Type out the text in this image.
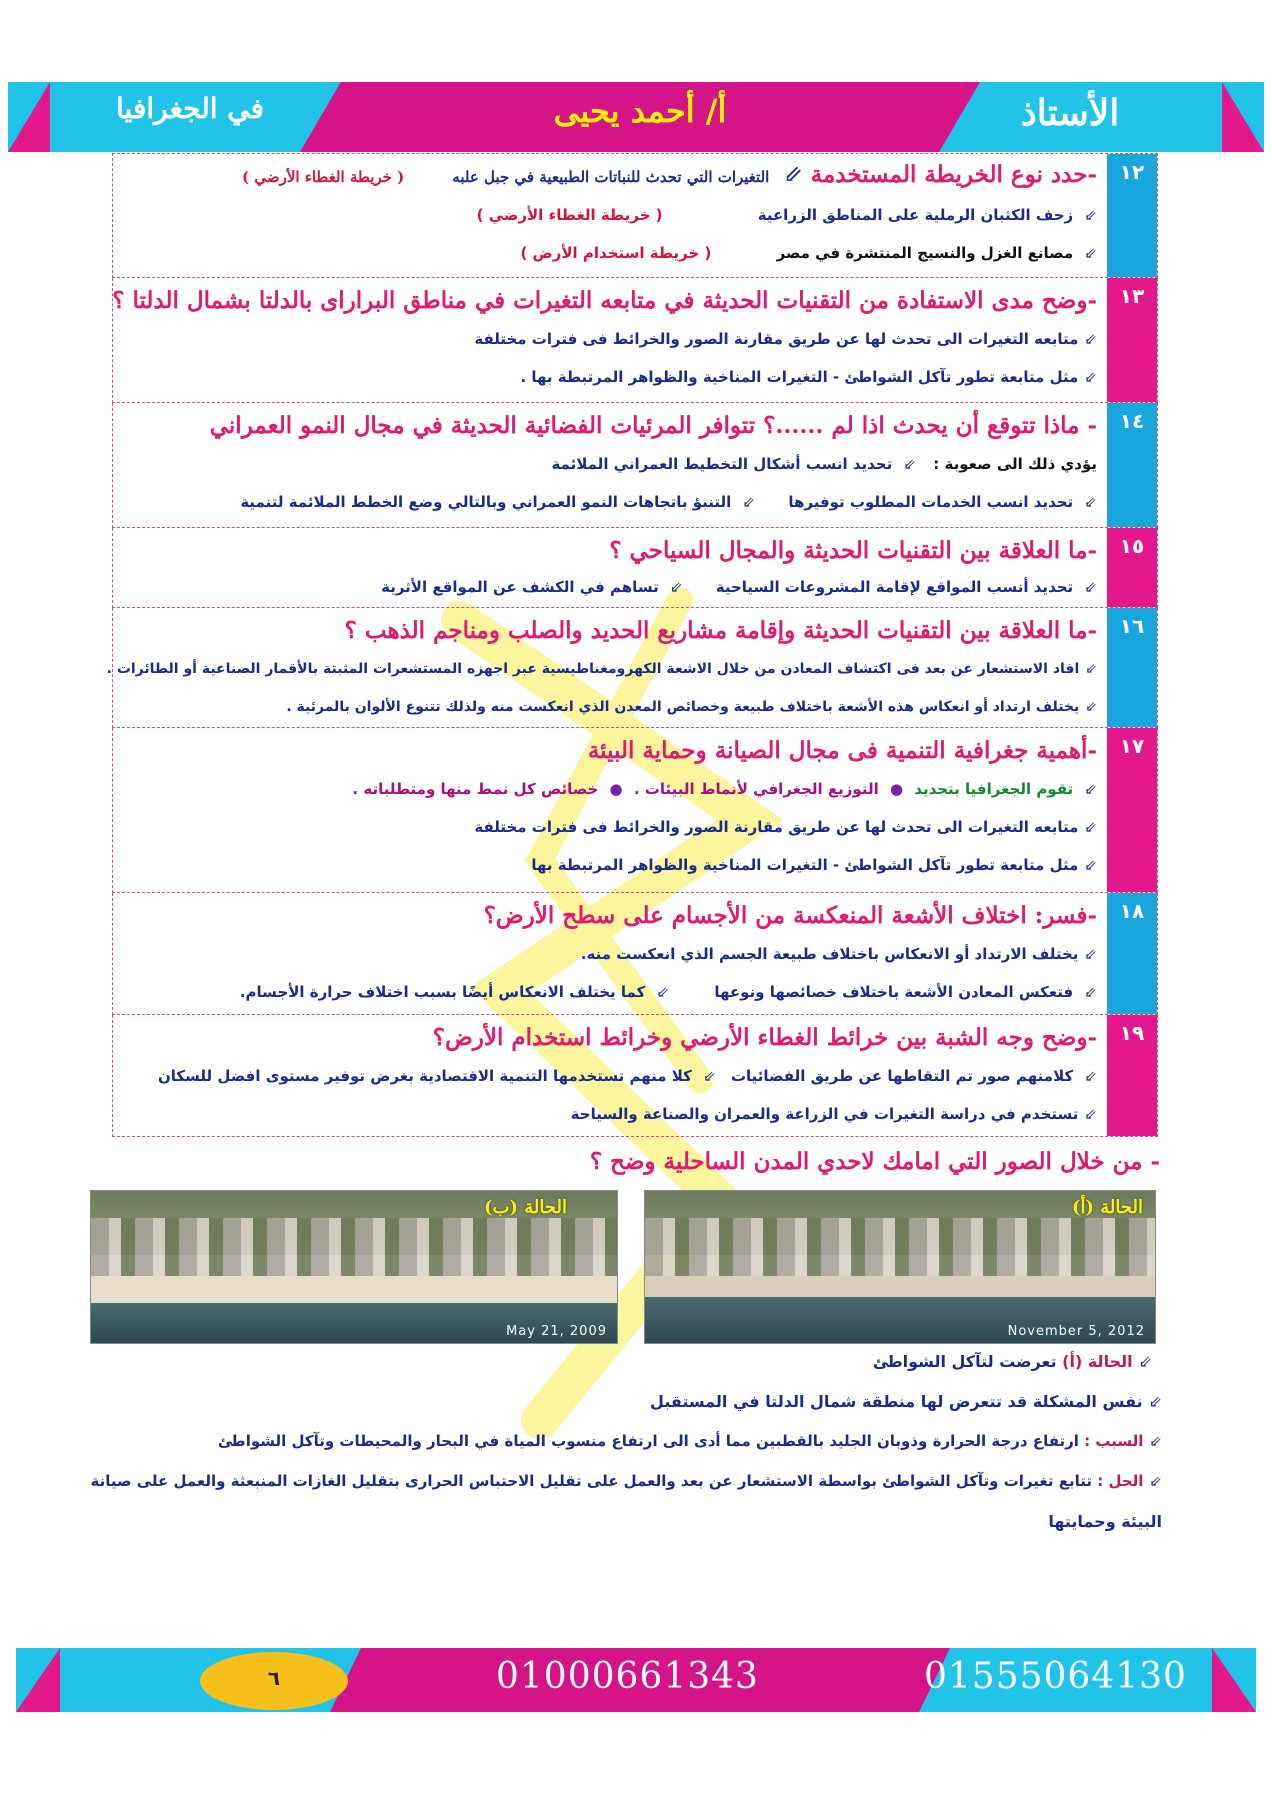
في الجغرافيا	أ/ أحمد يحيى	الأستاذ
١٢
-حدد نوع الخريطة المستخدمة ⇙ التغيرات التي تحدث للنباتات الطبيعية في جبل علبه ( خريطة الغطاء الأرضي )
⇙ زحف الكثبان الرملية على المناطق الزراعية ( خريطة الغطاء الأرضي )
⇙ مصانع الغزل والنسيج المنتشرة في مصر ( خريطة استخدام الأرض )
١٣
-وضح مدى الاستفادة من التقنيات الحديثة في متابعه التغيرات في مناطق البراراى بالدلتا بشمال الدلتا ؟
⇙متابعه التغيرات الى تحدث لها عن طريق مقارنة الصور والخرائط فى فترات مختلفة
⇙مثل متابعة تطور تآكل الشواطئ - التغيرات المناخية والظواهر المرتبطة بها .
١٤
- ماذا تتوقع أن يحدث اذا لم ......؟ تتوافر المرئيات الفضائية الحديثة في مجال النمو العمراني
يؤدي ذلك الى صعوبة : ⇙ تحديد انسب أشكال التخطيط العمراني الملائمة
⇙ تحديد انسب الخدمات المطلوب توفيرها ⇙ التنبؤ باتجاهات النمو العمراني وبالتالي وضع الخطط الملائمة لتنمية
١٥
-ما العلاقة بين التقنيات الحديثة والمجال السياحي ؟
⇙ تحديد أنسب المواقع لإقامة المشروعات السياحية ⇙ تساهم في الكشف عن المواقع الأثرية
١٦
-ما العلاقة بين التقنيات الحديثة وإقامة مشاريع الحديد والصلب ومناجم الذهب ؟
⇙افاد الاستشعار عن بعد فى اكتشاف المعادن من خلال الاشعة الكهرومغناطيسية عبر اجهزه المستشعرات المثبتة بالأقمار الصناعية أو الطائرات .
⇙يختلف ارتداد أو انعكاس هذه الأشعة باختلاف طبيعة وخصائص المعدن الذي انعكست منه ولذلك تتنوع الألوان بالمرئية .
١٧
-أهمية جغرافية التنمية فى مجال الصيانة وحماية البيئة
⇙ تقوم الجغرافيا بتحديد ● التوزيع الجغرافي لأنماط البيئات . ● خصائص كل نمط منها ومتطلباته .
⇙متابعه التغيرات الى تحدث لها عن طريق مقارنة الصور والخرائط فى فترات مختلفة
⇙مثل متابعة تطور تآكل الشواطئ - التغيرات المناخية والظواهر المرتبطة بها
١٨
-فسر: اختلاف الأشعة المنعكسة من الأجسام على سطح الأرض؟
⇙يختلف الارتداد أو الانعكاس باختلاف طبيعة الجسم الذي انعكست منه.
⇙ فتعكس المعادن الأشعة باختلاف خصائصها ونوعها ⇙ كما يختلف الانعكاس أيضًا بسبب اختلاف حرارة الأجسام.
١٩
-وضح وجه الشبة بين خرائط الغطاء الأرضي وخرائط استخدام الأرض؟
⇙ كلامنهم صور تم التقاطها عن طريق الفضائيات ⇙ كلا منهم تستخدمها التنمية الاقتصادية بغرض توفير مستوى افضل للسكان
⇙تستخدم في دراسة التغيرات في الزراعة والعمران والصناعة والسياحة
- من خلال الصور التي امامك لاحدي المدن الساحلية وضح ؟
الحالة (أ)
November 5, 2012
الحالة (ب)
May 21, 2009
⇙الحالة (أ) تعرضت لتآكل الشواطئ
⇙نفس المشكلة قد تتعرض لها منطقة شمال الدلتا في المستقبل
⇙السبب : ارتفاع درجة الحرارة وذوبان الجليد بالقطبين مما أدى الى ارتفاع منسوب المياة في البحار والمحيطات وتآكل الشواطئ
⇙الحل : تتابع تغيرات وتآكل الشواطئ بواسطة الاستشعار عن بعد والعمل على تقليل الاحتباس الحرارى بتقليل الغازات المنبعثة والعمل على صيانة
البيئة وحمايتها
٦	01000661343	01555064130
